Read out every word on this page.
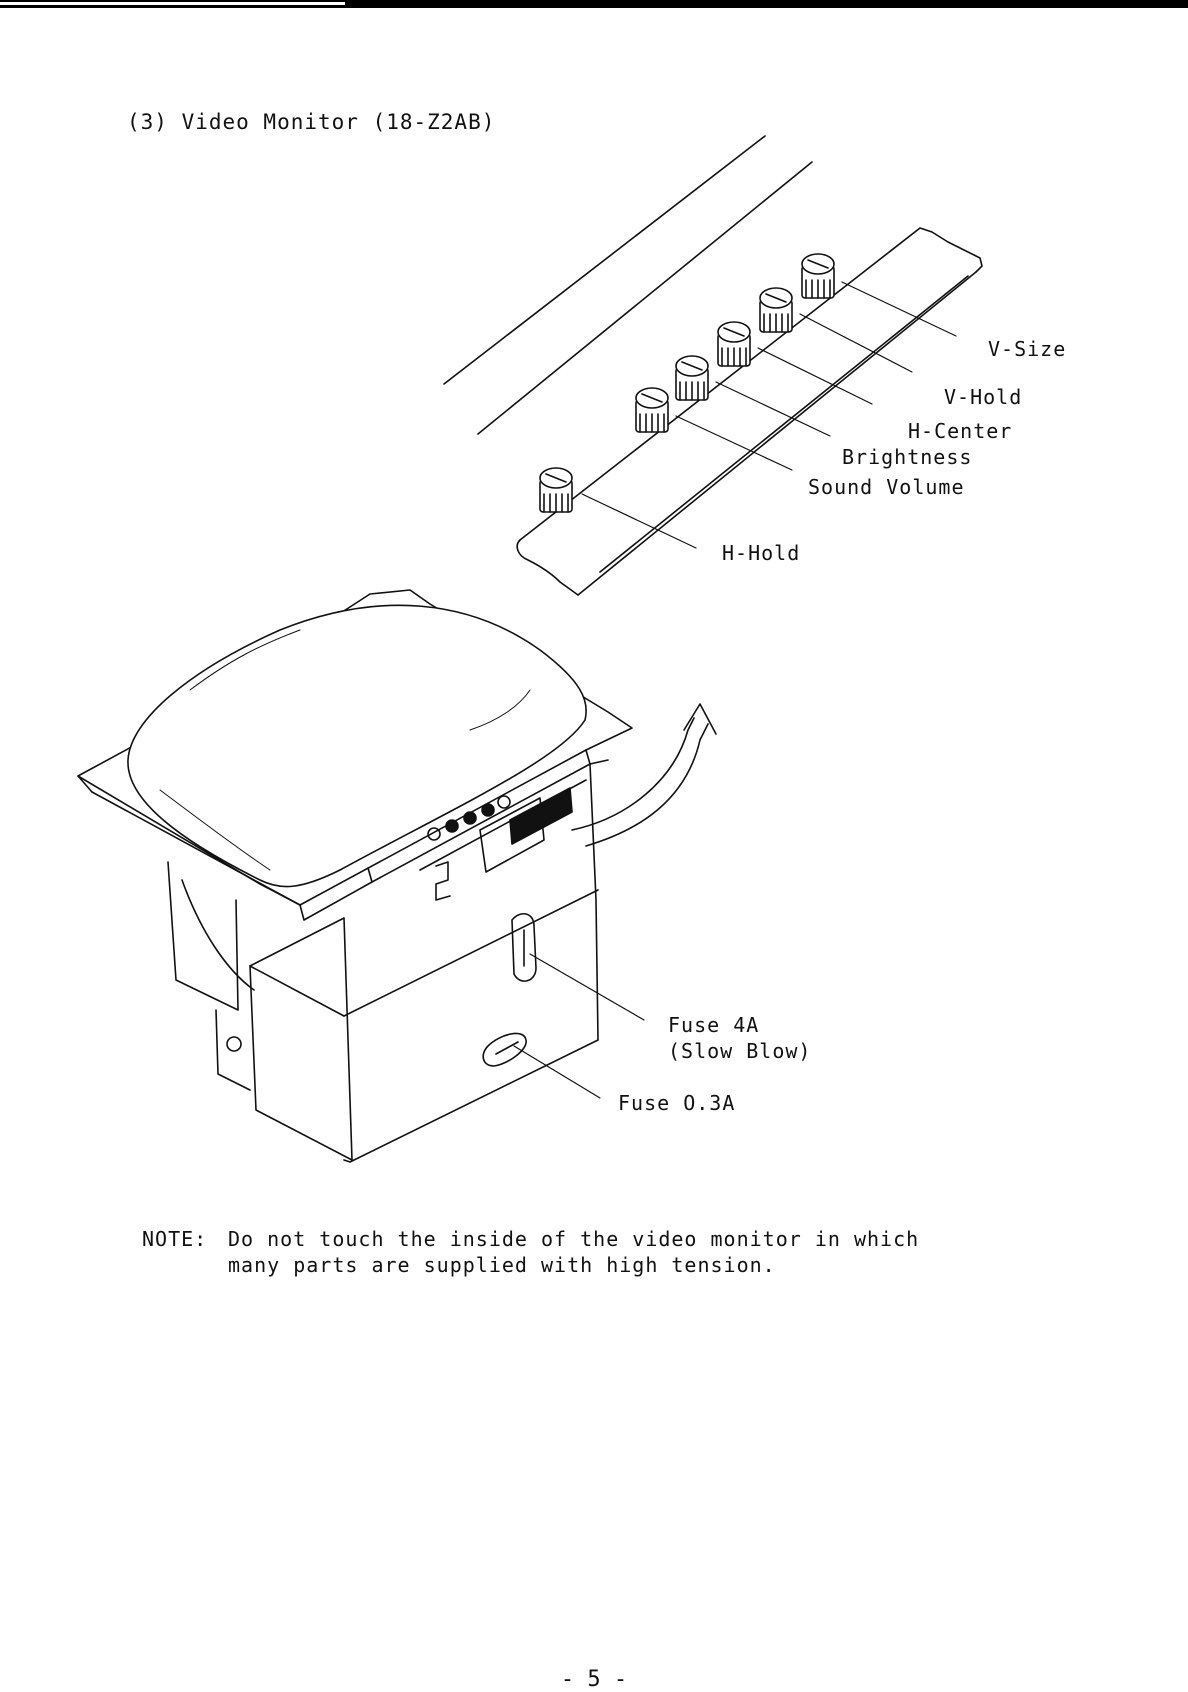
(3) Video Monitor (18-Z2AB)
V-Size
V-Hold
H-Center
Brightness
Sound Volume
H-Hold
Fuse 4A
(Slow Blow)
Fuse O.3A
NOTE: Do not touch the inside of the video monitor in which
many parts are supplied with high tension.
- 5 -
